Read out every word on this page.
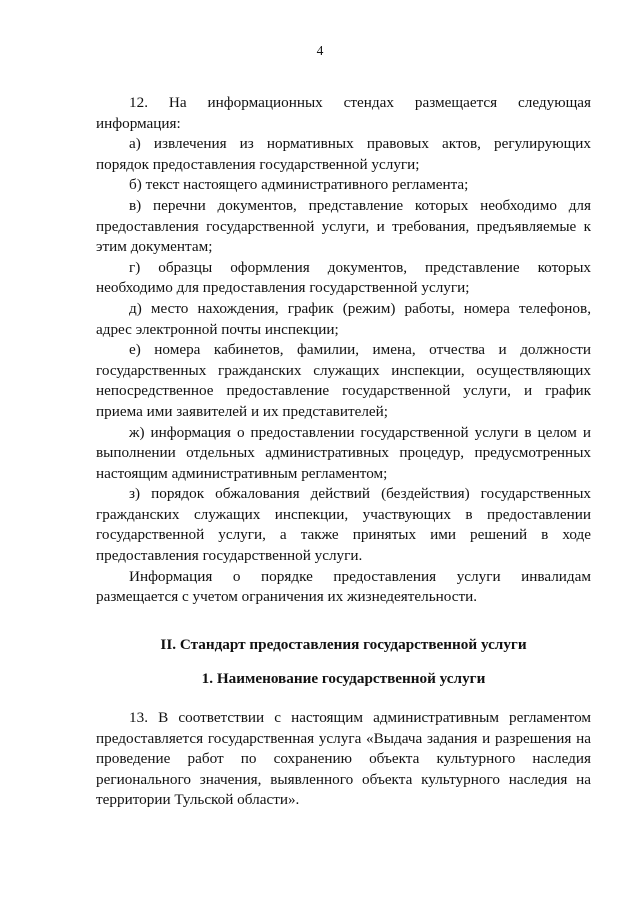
4

12. На информационных стендах размещается следующая информация:

а) извлечения из нормативных правовых актов, регулирующих порядок предоставления государственной услуги;

б) текст настоящего административного регламента;

в) перечни документов, представление которых необходимо для предоставления государственной услуги, и требования, предъявляемые к этим документам;

г) образцы оформления документов, представление которых необходимо для предоставления государственной услуги;

д) место нахождения, график (режим) работы, номера телефонов, адрес электронной почты инспекции;

е) номера кабинетов, фамилии, имена, отчества и должности государственных гражданских служащих инспекции, осуществляющих непосредственное предоставление государственной услуги, и график приема ими заявителей и их представителей;

ж) информация о предоставлении государственной услуги в целом и выполнении отдельных административных процедур, предусмотренных настоящим административным регламентом;

з) порядок обжалования действий (бездействия) государственных гражданских служащих инспекции, участвующих в предоставлении государственной услуги, а также принятых ими решений в ходе предоставления государственной услуги.

Информация о порядке предоставления услуги инвалидам размещается с учетом ограничения их жизнедеятельности.

II. Стандарт предоставления государственной услуги
1. Наименование государственной услуги

13. В соответствии с настоящим административным регламентом предоставляется государственная услуга «Выдача задания и разрешения на проведение работ по сохранению объекта культурного наследия регионального значения, выявленного объекта культурного наследия на территории Тульской области».
